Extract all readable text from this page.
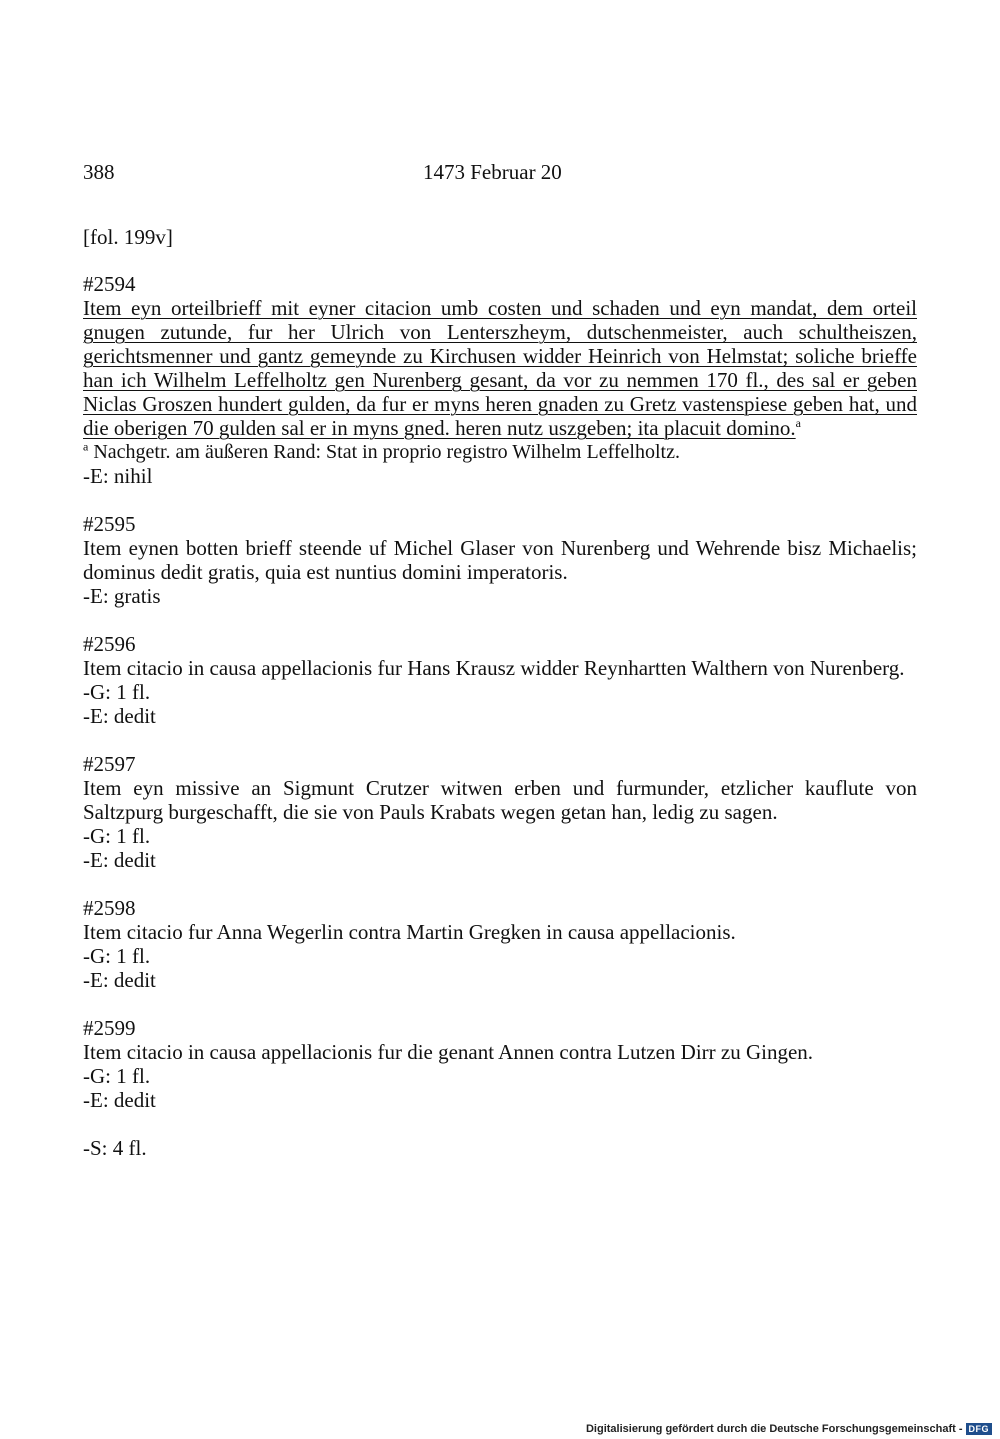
388	1473 Februar 20
[fol. 199v]

#2594

Item eyn orteilbrieff mit eyner citacion umb costen und schaden und eyn mandat, dem orteil gnugen zutunde, fur her Ulrich von Lenterszheym, dutschenmeister, auch schultheiszen, gerichtsmenner und gantz gemeynde zu Kirchusen widder Heinrich von Helmstat; soliche brieffe han ich Wilhelm Leffelholtz gen Nurenberg gesant, da vor zu nemmen 170 fl., des sal er geben Niclas Groszen hundert gulden, da fur er myns heren gnaden zu Gretz vastenspiese geben hat, und die oberigen 70 gulden sal er in myns gned. heren nutz uszgeben; ita placuit domino.$^a$

$^a$ Nachgetr. am äußeren Rand: Stat in proprio registro Wilhelm Leffelholtz.

-E: nihil

#2595

Item eynen botten brieff steende uf Michel Glaser von Nurenberg und Wehrende bisz Michaelis; dominus dedit gratis, quia est nuntius domini imperatoris.

-E: gratis

#2596

Item citacio in causa appellacionis fur Hans Krausz widder Reynhartten Walthern von Nurenberg.

-G: 1 fl.

-E: dedit

#2597

Item eyn missive an Sigmunt Crutzer witwen erben und furmunder, etzlicher kauflute von Saltzpurg burgeschafft, die sie von Pauls Krabats wegen getan han, ledig zu sagen.

-G: 1 fl.

-E: dedit

#2598

Item citacio fur Anna Wegerlin contra Martin Gregken in causa appellacionis.

-G: 1 fl.

-E: dedit

#2599

Item citacio in causa appellacionis fur die genant Annen contra Lutzen Dirr zu Gingen.

-G: 1 fl.

-E: dedit

-S: 4 fl.

Digitalisierung gefördert durch die Deutsche Forschungsgemeinschaft - DFG
